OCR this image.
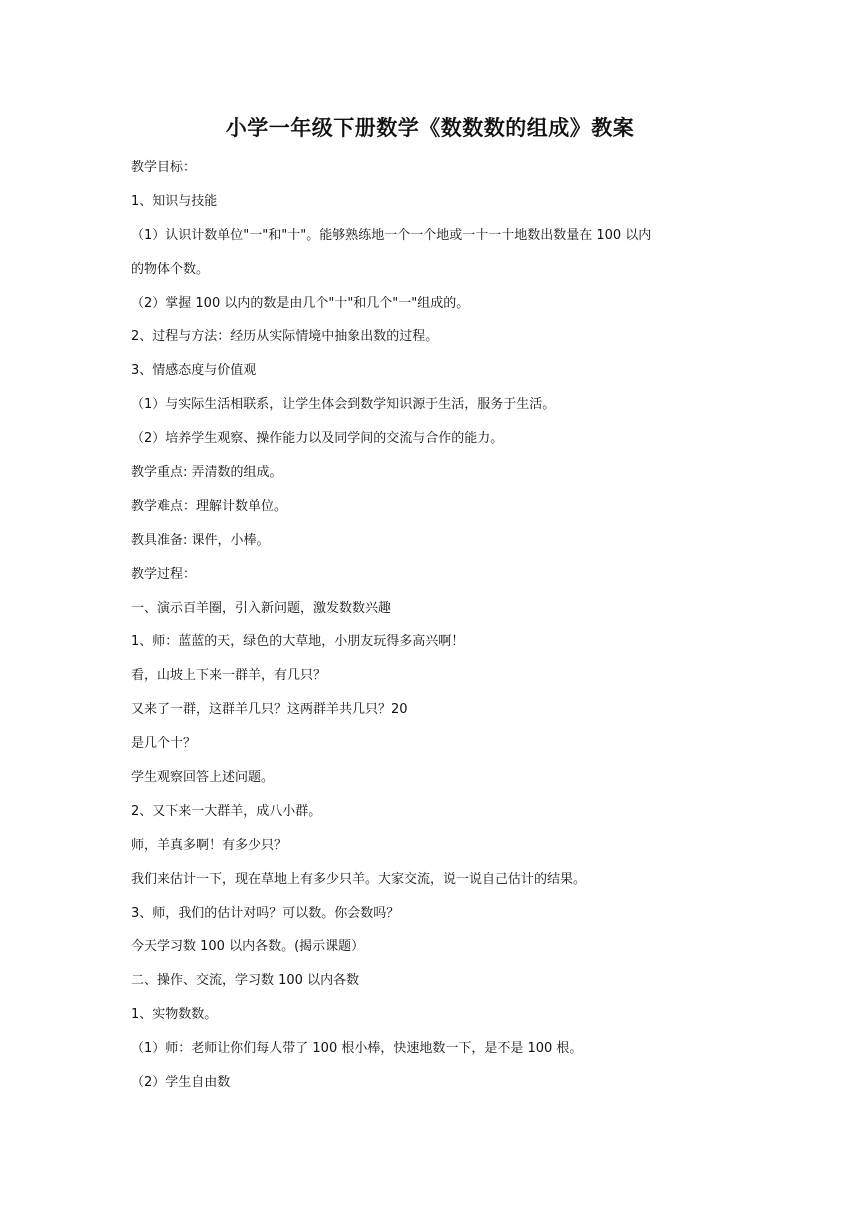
小学一年级下册数学《数数数的组成》教案
教学目标：
1、知识与技能
（1）认识计数单位"一"和"十"。能够熟练地一个一个地或一十一十地数出数量在 100 以内
的物体个数。
（2）掌握 100 以内的数是由几个"十"和几个"一"组成的。
2、过程与方法：经历从实际情境中抽象出数的过程。
3、情感态度与价值观
（1）与实际生活相联系，让学生体会到数学知识源于生活，服务于生活。
（2）培养学生观察、操作能力以及同学间的交流与合作的能力。
教学重点: 弄清数的组成。
教学难点：理解计数单位。
教具准备: 课件，小棒。
教学过程：
一、演示百羊圈，引入新问题，激发数数兴趣
1、师：蓝蓝的天，绿色的大草地，小朋友玩得多高兴啊！
看，山坡上下来一群羊，有几只？
又来了一群，这群羊几只？这两群羊共几只？20
是几个十？
学生观察回答上述问题。
2、又下来一大群羊，成八小群。
师，羊真多啊！有多少只？
我们来估计一下，现在草地上有多少只羊。大家交流，说一说自己估计的结果。
3、师，我们的估计对吗？可以数。你会数吗？
今天学习数 100 以内各数。(揭示课题）
二、操作、交流，学习数 100 以内各数
1、实物数数。
（1）师：老师让你们每人带了 100 根小棒，快速地数一下，是不是 100 根。
（2）学生自由数
